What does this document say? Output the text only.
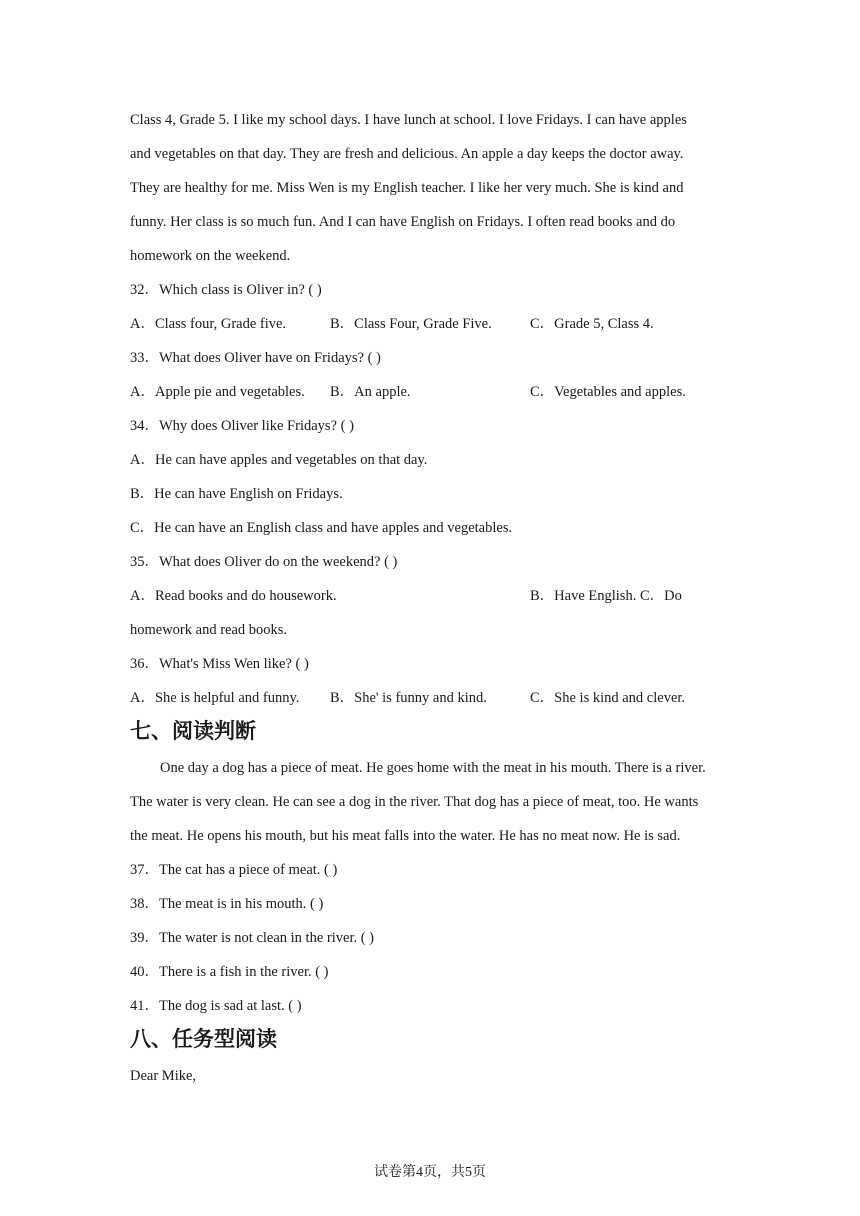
Class 4, Grade 5. I like my school days. I have lunch at school. I love Fridays. I can have apples
and vegetables on that day. They are fresh and delicious. An apple a day keeps the doctor away.
They are healthy for me. Miss Wen is my English teacher. I like her very much. She is kind and
funny. Her class is so much fun. And I can have English on Fridays. I often read books and do
homework on the weekend.
32．Which class is Oliver in? ( )
A．Class four, Grade five.	B．Class Four, Grade Five.	C．Grade 5, Class 4.
33．What does Oliver have on Fridays? ( )
A．Apple pie and vegetables.	B．An apple.	C．Vegetables and apples.
34．Why does Oliver like Fridays? ( )
A．He can have apples and vegetables on that day.
B．He can have English on Fridays.
C．He can have an English class and have apples and vegetables.
35．What does Oliver do on the weekend? ( )
A．Read books and do housework.	B．Have English. C．Do
homework and read books.
36．What's Miss Wen like? ( )
A．She is helpful and funny.	B．She' is funny and kind.	C．She is kind and clever.
七、阅读判断
One day a dog has a piece of meat. He goes home with the meat in his mouth. There is a river.
The water is very clean. He can see a dog in the river. That dog has a piece of meat, too. He wants
the meat. He opens his mouth, but his meat falls into the water. He has no meat now. He is sad.
37．The cat has a piece of meat. ( )
38．The meat is in his mouth. ( )
39．The water is not clean in the river. ( )
40．There is a fish in the river. ( )
41．The dog is sad at last. ( )
八、任务型阅读
Dear Mike,
试卷第4页，共5页
